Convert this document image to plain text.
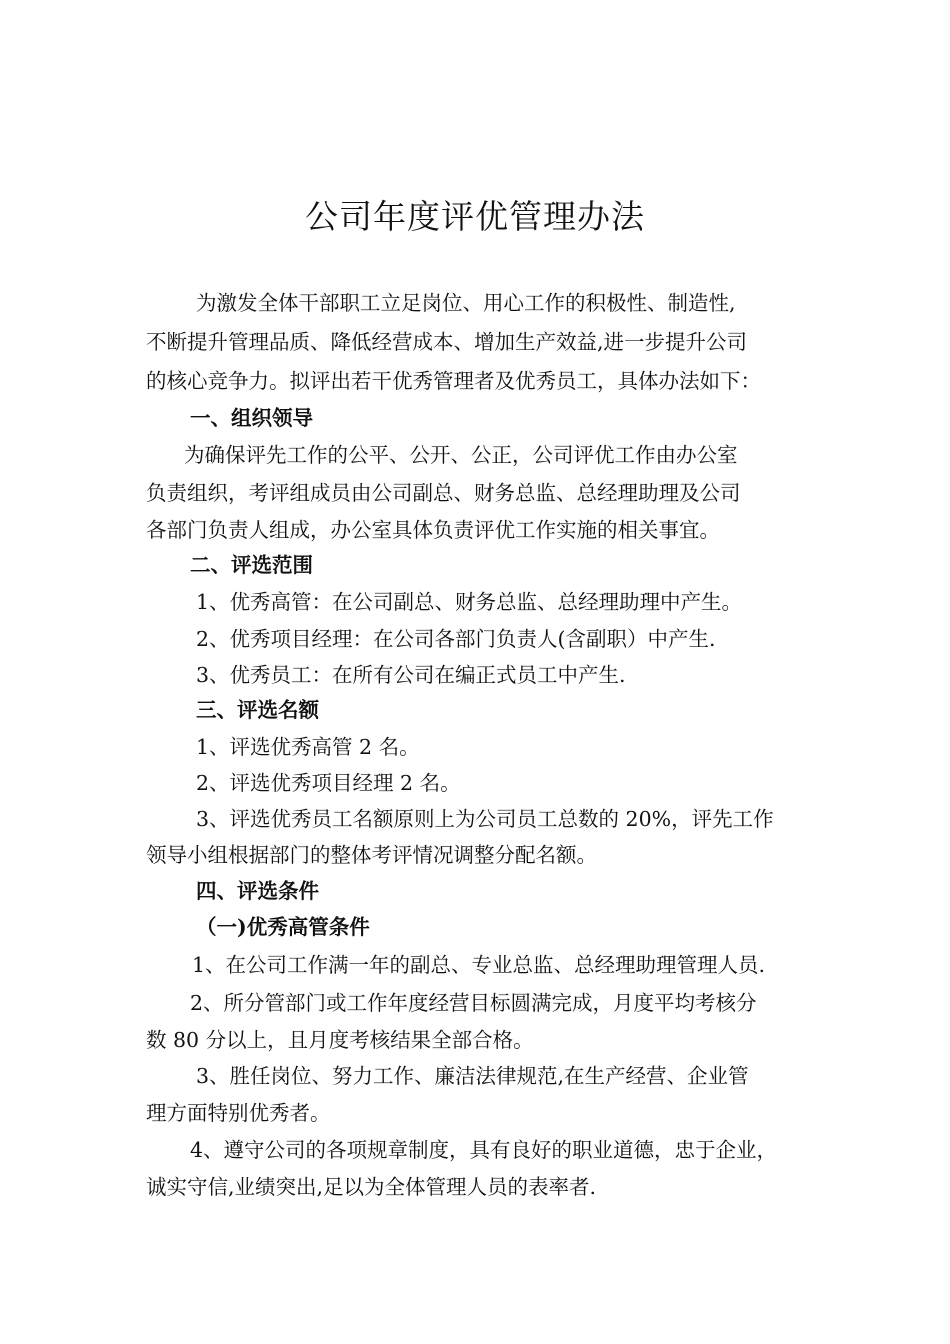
公司年度评优管理办法
为激发全体干部职工立足岗位、用心工作的积极性、制造性,
不断提升管理品质、降低经营成本、增加生产效益,进一步提升公司
的核心竞争力。拟评出若干优秀管理者及优秀员工，具体办法如下：
一、组织领导
为确保评先工作的公平、公开、公正，公司评优工作由办公室
负责组织，考评组成员由公司副总、财务总监、总经理助理及公司
各部门负责人组成，办公室具体负责评优工作实施的相关事宜。
二、评选范围
1、优秀高管：在公司副总、财务总监、总经理助理中产生。
2、优秀项目经理：在公司各部门负责人(含副职）中产生.
3、优秀员工：在所有公司在编正式员工中产生.
三、评选名额
1、评选优秀高管 2 名。
2、评选优秀项目经理 2 名。
3、评选优秀员工名额原则上为公司员工总数的 20%，评先工作
领导小组根据部门的整体考评情况调整分配名额。
四、评选条件
（一)优秀高管条件
1、在公司工作满一年的副总、专业总监、总经理助理管理人员.
2、所分管部门或工作年度经营目标圆满完成，月度平均考核分
数 80 分以上，且月度考核结果全部合格。
3、胜任岗位、努力工作、廉洁法律规范,在生产经营、企业管
理方面特别优秀者。
4、遵守公司的各项规章制度，具有良好的职业道德，忠于企业，
诚实守信,业绩突出,足以为全体管理人员的表率者.
